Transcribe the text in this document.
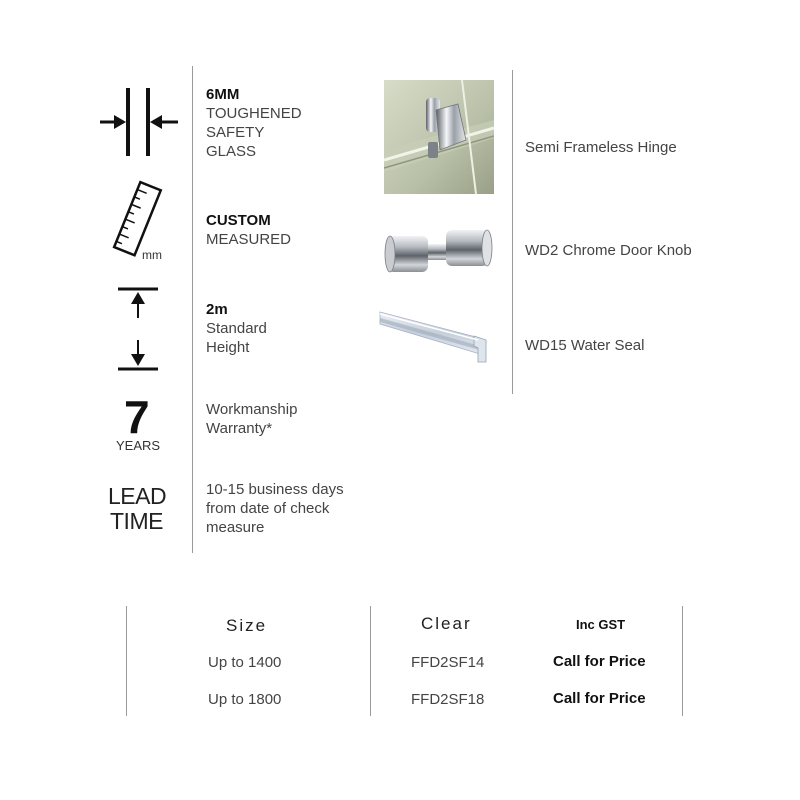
mm
7
YEARS
LEAD
TIME
6MM
TOUGHENED
SAFETY
GLASS
CUSTOM
MEASURED
2m
Standard
Height
Workmanship
Warranty*
10-15 business days
from date of check
measure
Semi Frameless Hinge
WD2 Chrome Door Knob
WD15 Water Seal
Size	Clear	Inc GST
Up to 1400	FFD2SF14	Call for Price
Up to 1800	FFD2SF18	Call for Price
